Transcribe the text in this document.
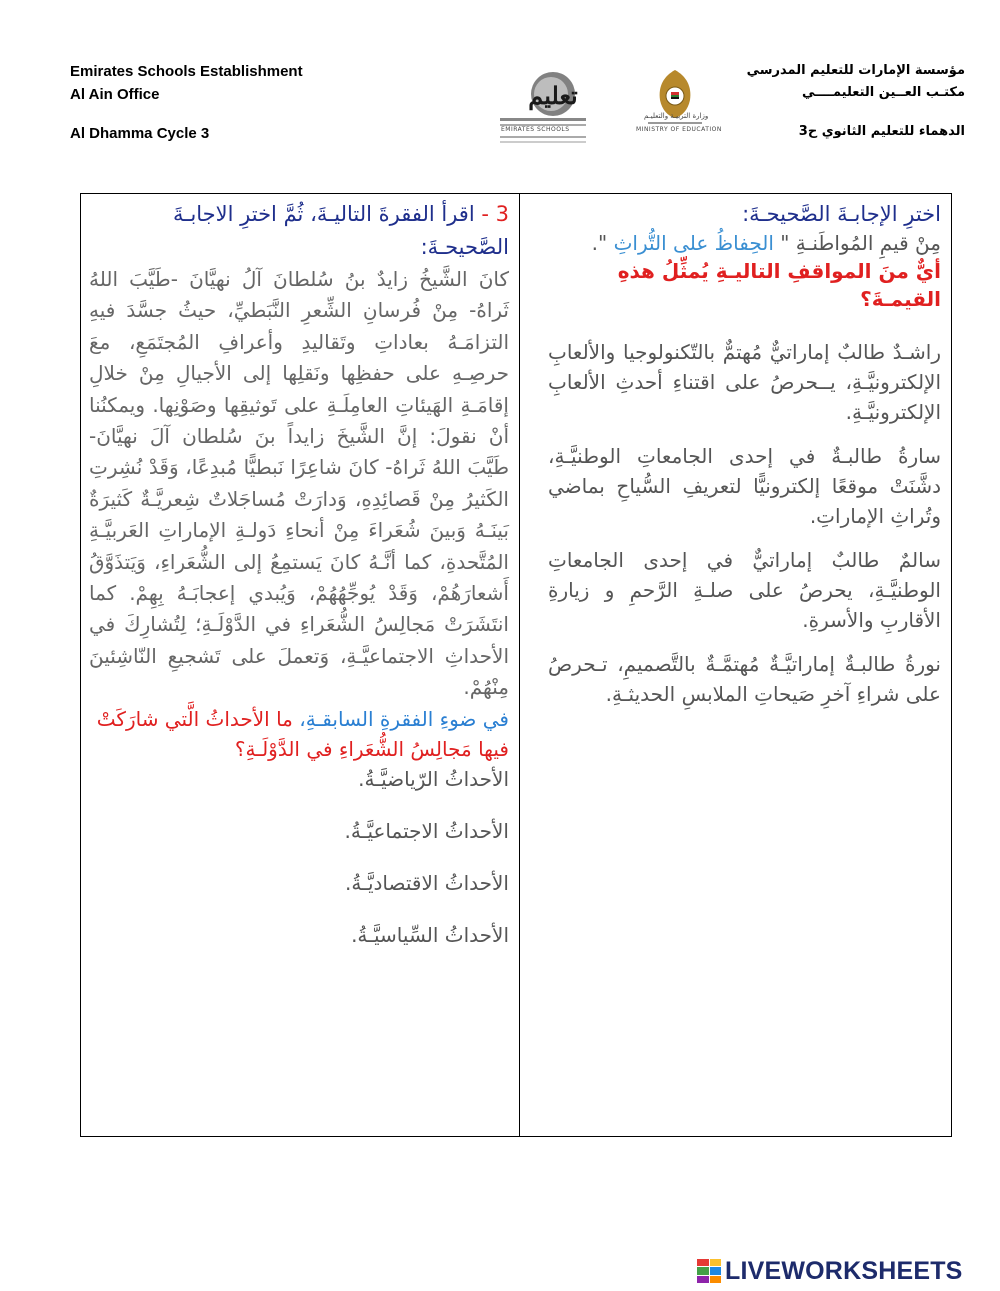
Emirates Schools Establishment
Al Ain Office
Al Dhamma Cycle 3
تعليم
EMIRATES SCHOOLS
وزارة التربيـة والتعليـم
MINISTRY OF EDUCATION
مؤسسة الإمارات للتعليم المدرسي
مكتـب العــين التعليمــــي
الدهماء للتعليم الثانوي ح3
اخترِ الإجابـةَ الصَّحيحـةَ:
مِنْ قيمِ المُواطَنـةِ " الحِفاظُ على التُّراثِ ".
أيٌّ منَ المواقفِ التاليـةِ يُمثِّلُ هذهِ القيمـةَ؟
راشـدٌ طالبٌ إماراتيٌّ مُهتمٌّ بالتّكنولوجيا والألعابِ الإلكترونيَّـةِ، يــحرصُ على اقتناءِ أحدثِ الألعابِ الإلكترونيَّـةِ.
سارةُ طالبـةٌ في إحدى الجامعاتِ الوطنيَّـةِ، دشَّنَتْ موقعًا إلكترونيًّا لتعريفِ السُّياحِ بماضي وتُراثِ الإماراتِ.
سالمٌ طالبٌ إماراتيٌّ في إحدى الجامعاتِ الوطنيَّـةِ، يحرصُ على صلـةِ الرَّحمِ و زيارةِ الأقاربِ والأسرةِ.
نورةُ طالبـةٌ إماراتيَّـةٌ مُهتمَّـةٌ بالتَّصميمِ، تـحرصُ على شراءِ آخرِ صَيحاتِ الملابسِ الحديثـةِ.
3 - اقرأ الفقرةَ التاليـةَ، ثُمَّ اخترِ الاجابـةَ الصَّحيحـةَ:
كانَ الشَّيخُ زايدٌ بنُ سُلطانَ آلُ نهيَّانَ -طَيَّبَ اللهُ ثَراهُ- مِنْ فُرسانِ الشِّعرِ النَّبَطيِّ، حيثُ جسَّدَ فيهِ التزامَـهُ بعاداتِ وتَقاليدِ وأعرافِ المُجتَمَعِ، معَ حرصِـهِ على حفظِها ونَقلِها إلى الأجيالِ مِنْ خلالِ إقامَـةِ الهَيئاتِ العامِلَـةِ على تَوثيقِها وصَوْنِها. ويمكنُنا أنْ نقولَ: إنَّ الشَّيخَ زايداً بنَ سُلطان آلَ نهيَّانَ- طَيَّبَ اللهُ ثَراهُ- كانَ شاعِرًا نَبطيًّا مُبدِعًا، وَقَدْ نُشِرتِ الكَثيرُ مِنْ قَصائِدِهِ، وَدارَتْ مُساجَلاتٌ شِعريَّـةٌ كَثيرَةٌ بَينَـهُ وَبينَ شُعَراءَ مِنْ أنحاءِ دَولـةِ الإماراتِ العَربيَّـةِ المُتَّحدةِ، كما أنَّـهُ كانَ يَستمِعُ إلى الشُّعَراءِ، وَيَتذَوَّقُ أَشعارَهُمْ، وَقَدْ يُوجِّهُهُمْ، وَيُبدي إعجابَـهُ بِهِمْ. كما انتَشَرَتْ مَجالِسُ الشُّعَراءِ في الدَّوْلَـةِ؛ لِتُشارِكَ في الأحداثِ الاجتماعيَّـةِ، وَتعملَ على تَشجيعِ النّاشِئينَ مِنْهُمْ.
في ضوءِ الفقرةِ السابقـةِ، ما الأحداثُ الَّتي شارَكَتْ فيها مَجالِسُ الشُّعَراءِ في الدَّوْلَـةِ؟
الأحداثُ الرّياضيَّـةُ.
الأحداثُ الاجتماعيَّـةُ.
الأحداثُ الاقتصاديَّـةُ.
الأحداثُ السِّياسيَّـةُ.
LIVEWORKSHEETS
